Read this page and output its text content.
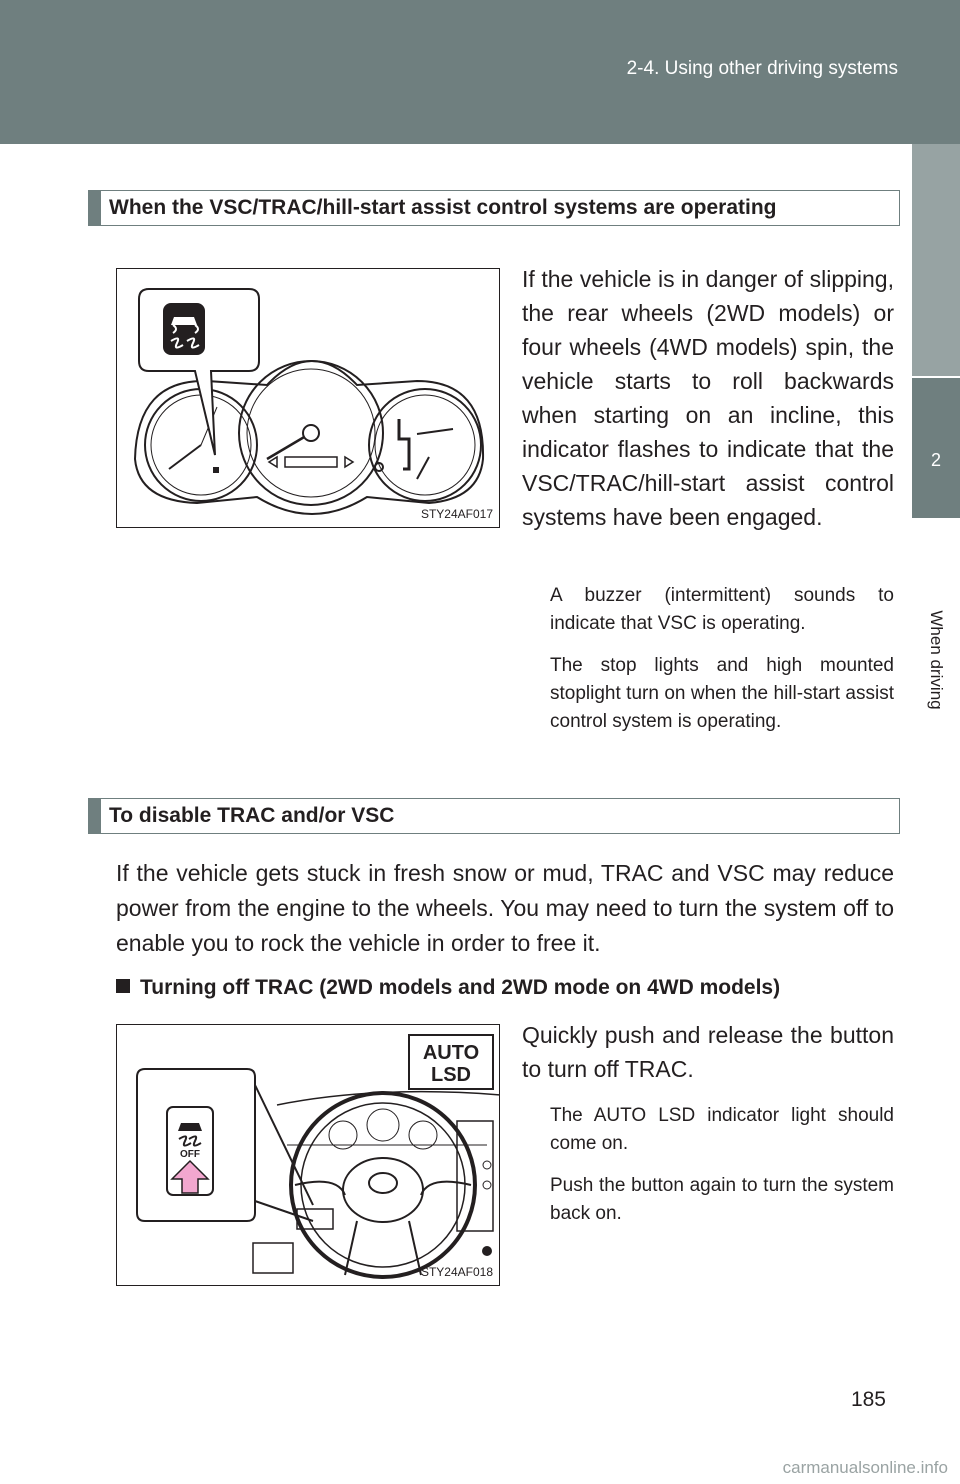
2-4. Using other driving systems
2
When driving
When the VSC/TRAC/hill-start assist control systems are operating
STY24AF017
If the vehicle is in danger of slipping, the rear wheels (2WD models) or four wheels (4WD models) spin, the vehicle starts to roll backwards when starting on an incline, this indicator flashes to indicate that the VSC/TRAC/hill-start assist control systems have been engaged.
A buzzer (intermittent) sounds to indicate that VSC is operating.
The stop lights and high mounted stoplight turn on when the hill-start assist control system is operating.
To disable TRAC and/or VSC
If the vehicle gets stuck in fresh snow or mud, TRAC and VSC may reduce power from the engine to the wheels. You may need to turn the system off to enable you to rock the vehicle in order to free it.
Turning off TRAC (2WD models and 2WD mode on 4WD models)
AUTO
LSD
OFF
STY24AF018
Quickly push and release the button to turn off TRAC.
The AUTO LSD indicator light should come on.
Push the button again to turn the system back on.
185
carmanualsonline.info
